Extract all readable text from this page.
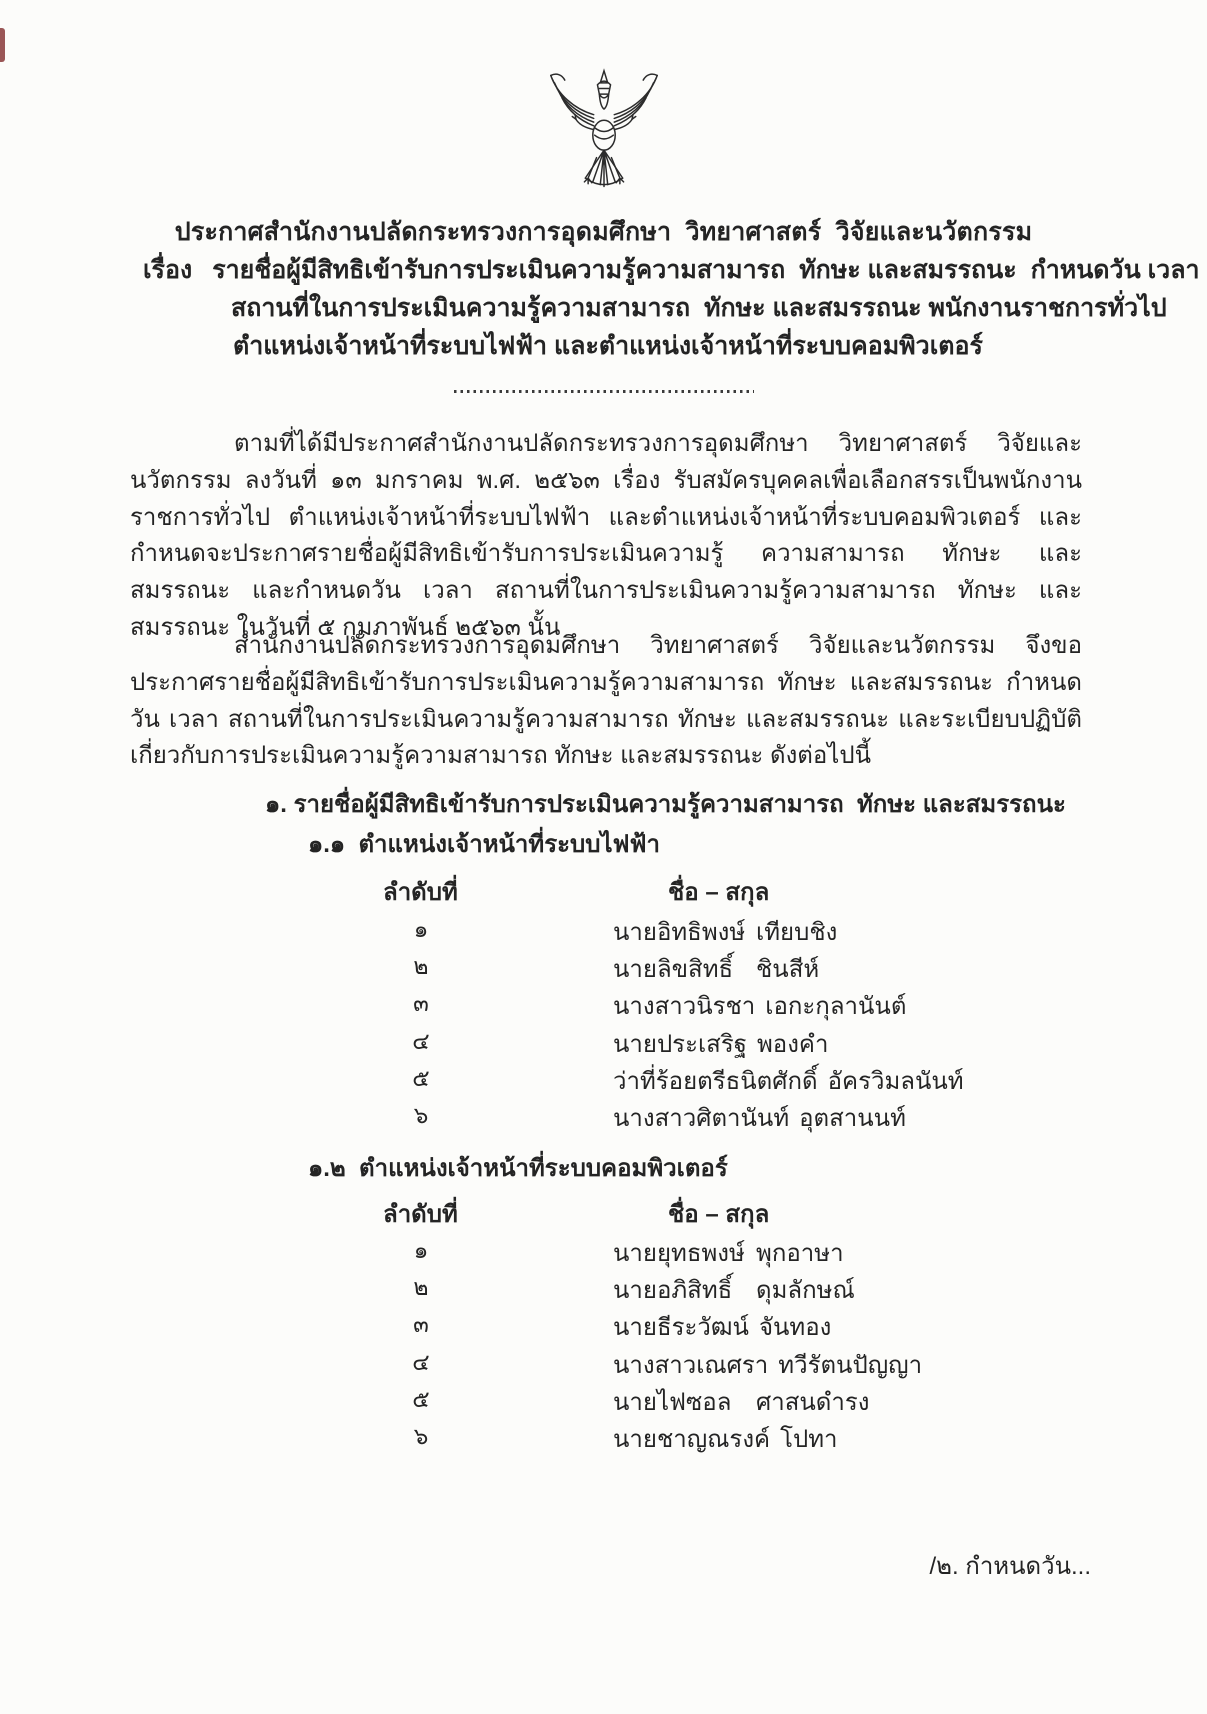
ประกาศสำนักงานปลัดกระทรวงการอุดมศึกษา  วิทยาศาสตร์  วิจัยและนวัตกรรม
เรื่อง รายชื่อผู้มีสิทธิเข้ารับการประเมินความรู้ความสามารถ  ทักษะ และสมรรถนะ  กำหนดวัน เวลา
สถานที่ในการประเมินความรู้ความสามารถ  ทักษะ และสมรรถนะ พนักงานราชการทั่วไป
ตำแหน่งเจ้าหน้าที่ระบบไฟฟ้า และตำแหน่งเจ้าหน้าที่ระบบคอมพิวเตอร์
ตามที่ได้มีประกาศสำนักงานปลัดกระทรวงการอุดมศึกษา วิทยาศาสตร์ วิจัยและนวัตกรรม ลงวันที่ ๑๓ มกราคม พ.ศ. ๒๕๖๓ เรื่อง รับสมัครบุคคลเพื่อเลือกสรรเป็นพนักงานราชการทั่วไป ตำแหน่งเจ้าหน้าที่ระบบไฟฟ้า และตำแหน่งเจ้าหน้าที่ระบบคอมพิวเตอร์ และกำหนดจะประกาศรายชื่อผู้มีสิทธิเข้ารับการประเมินความรู้ ความสามารถ ทักษะ และสมรรถนะ และกำหนดวัน เวลา สถานที่ในการประเมินความรู้ความสามารถ ทักษะ และสมรรถนะ ในวันที่ ๕ กุมภาพันธ์ ๒๕๖๓ นั้น
สำนักงานปลัดกระทรวงการอุดมศึกษา วิทยาศาสตร์ วิจัยและนวัตกรรม จึงขอประกาศรายชื่อผู้มีสิทธิเข้ารับการประเมินความรู้ความสามารถ ทักษะ และสมรรถนะ กำหนดวัน เวลา สถานที่ในการประเมินความรู้ความสามารถ ทักษะ และสมรรถนะ และระเบียบปฏิบัติเกี่ยวกับการประเมินความรู้ความสามารถ ทักษะ และสมรรถนะ ดังต่อไปนี้
๑. รายชื่อผู้มีสิทธิเข้ารับการประเมินความรู้ความสามารถ  ทักษะ และสมรรถนะ
๑.๑  ตำแหน่งเจ้าหน้าที่ระบบไฟฟ้า
ลำดับที่	ชื่อ – สกุล
๑	นายอิทธิพงษ์ เทียบชิง
๒	นายลิขสิทธิ์ ชินสีห์
๓	นางสาวนิรชา เอกะกุลานันต์
๔	นายประเสริฐ พองคำ
๕	ว่าที่ร้อยตรีธนิตศักดิ์ อัครวิมลนันท์
๖	นางสาวศิตานันท์ อุตสานนท์
๑.๒  ตำแหน่งเจ้าหน้าที่ระบบคอมพิวเตอร์
ลำดับที่	ชื่อ – สกุล
๑	นายยุทธพงษ์ พุกอาษา
๒	นายอภิสิทธิ์ ดุมลักษณ์
๓	นายธีระวัฒน์ จันทอง
๔	นางสาวเณศรา ทวีรัตนปัญญา
๕	นายไฟซอล ศาสนดำรง
๖	นายชาญณรงค์ โปทา
/๒. กำหนดวัน...
